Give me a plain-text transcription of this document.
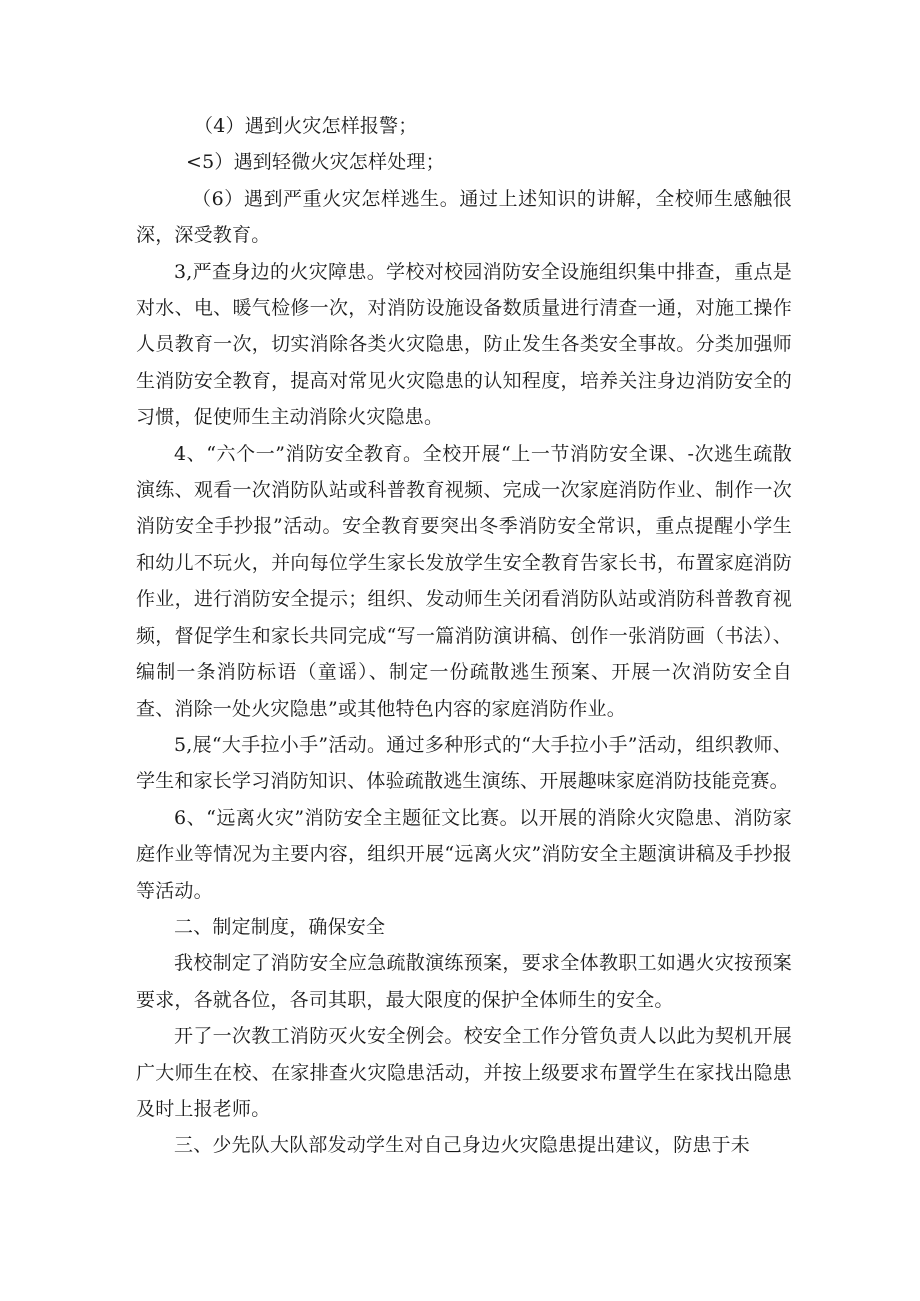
（4）遇到火灾怎样报警；

<5）遇到轻微火灾怎样处理；

（6）遇到严重火灾怎样逃生。通过上述知识的讲解，全校师生感触很深，深受教育。

3,严查身边的火灾障患。学校对校园消防安全设施组织集中排查，重点是对水、电、暖气检修一次，对消防设施设备数质量进行清查一通，对施工操作人员教育一次，切实消除各类火灾隐患，防止发生各类安全事故。分类加强师生消防安全教育，提高对常见火灾隐患的认知程度，培养关注身边消防安全的习惯，促使师生主动消除火灾隐患。

4、“六个一”消防安全教育。全校开展“上一节消防安全课、-次逃生疏散演练、观看一次消防队站或科普教育视频、完成一次家庭消防作业、制作一次消防安全手抄报”活动。安全教育要突出冬季消防安全常识，重点提醒小学生和幼儿不玩火，并向每位学生家长发放学生安全教育告家长书，布置家庭消防作业，进行消防安全提示；组织、发动师生关闭看消防队站或消防科普教育视频，督促学生和家长共同完成“写一篇消防演讲稿、创作一张消防画（书法）、编制一条消防标语（童谣）、制定一份疏散逃生预案、开展一次消防安全自查、消除一处火灾隐患”或其他特色内容的家庭消防作业。

5,展“大手拉小手”活动。通过多种形式的“大手拉小手”活动，组织教师、学生和家长学习消防知识、体验疏散逃生演练、开展趣味家庭消防技能竞赛。

6、“远离火灾”消防安全主题征文比赛。以开展的消除火灾隐患、消防家庭作业等情况为主要内容，组织开展“远离火灾”消防安全主题演讲稿及手抄报等活动。

二、制定制度，确保安全

我校制定了消防安全应急疏散演练预案，要求全体教职工如遇火灾按预案要求，各就各位，各司其职，最大限度的保护全体师生的安全。

开了一次教工消防灭火安全例会。校安全工作分管负责人以此为契机开展广大师生在校、在家排查火灾隐患活动，并按上级要求布置学生在家找出隐患及时上报老师。

三、少先队大队部发动学生对自己身边火灾隐患提出建议，防患于未
